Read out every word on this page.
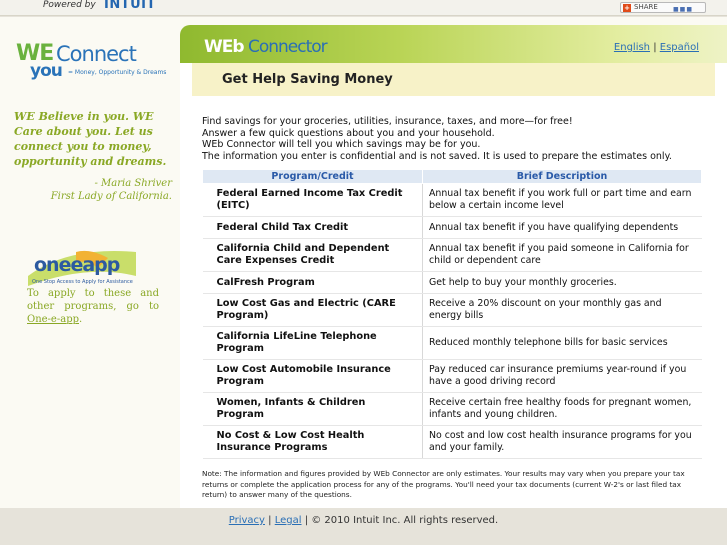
Powered by INTUIT	+ SHARE	■■■
WE Connect
you = Money, Opportunity & Dreams
WE Believe in you. WE Care about you. Let us connect you to money, opportunity and dreams.
- Maria Shriver
First Lady of California.
oneeapp
One Stop Access to Apply for Assistance
To apply to these and other programs, go to One-e-app.
WEb Connector	English | Español
Get Help Saving Money
Find savings for your groceries, utilities, insurance, taxes, and more—for free!
Answer a few quick questions about you and your household.
WEb Connector will tell you which savings may be for you.
The information you enter is confidential and is not saved. It is used to prepare the estimates only.
Program/Credit	Brief Description
Federal Earned Income Tax Credit (EITC)	Annual tax benefit if you work full or part time and earn below a certain income level
Federal Child Tax Credit	Annual tax benefit if you have qualifying dependents
California Child and Dependent Care Expenses Credit	Annual tax benefit if you paid someone in California for child or dependent care
CalFresh Program	Get help to buy your monthly groceries.
Low Cost Gas and Electric (CARE Program)	Receive a 20% discount on your monthly gas and energy bills
California LifeLine Telephone Program	Reduced monthly telephone bills for basic services
Low Cost Automobile Insurance Program	Pay reduced car insurance premiums year-round if you have a good driving record
Women, Infants & Children Program	Receive certain free healthy foods for pregnant women, infants and young children.
No Cost & Low Cost Health Insurance Programs	No cost and low cost health insurance programs for you and your family.
Note: The information and figures provided by WEb Connector are only estimates. Your results may vary when you prepare your tax returns or complete the application process for any of the programs. You'll need your tax documents (current W-2's or last filed tax return) to answer many of the questions.
Privacy | Legal | © 2010 Intuit Inc. All rights reserved.
